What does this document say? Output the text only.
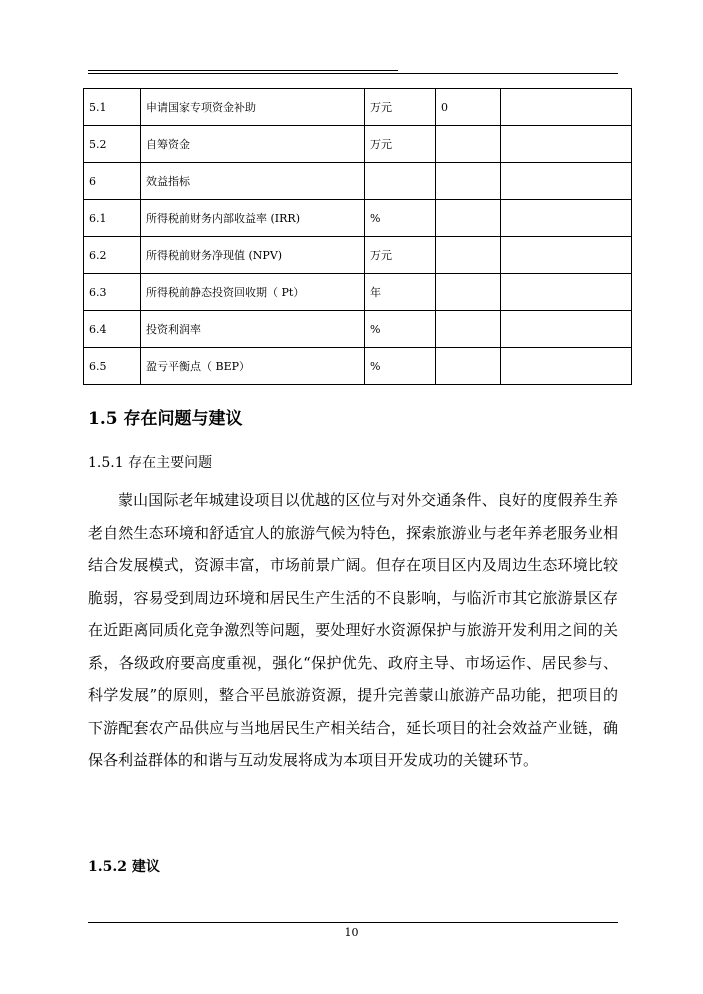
5.1	申请国家专项资金补助	万元	0	
5.2	自筹资金	万元		
6	效益指标			
6.1	所得税前财务内部收益率 (IRR)	%		
6.2	所得税前财务净现值 (NPV)	万元		
6.3	所得税前静态投资回收期（ Pt）	年		
6.4	投资利润率	%		
6.5	盈亏平衡点（ BEP）	%		
1.5 存在问题与建议
1.5.1 存在主要问题

蒙山国际老年城建设项目以优越的区位与对外交通条件、良好的度假养生养老自然生态环境和舒适宜人的旅游气候为特色，探索旅游业与老年养老服务业相结合发展模式，资源丰富，市场前景广阔。但存在项目区内及周边生态环境比较脆弱，容易受到周边环境和居民生产生活的不良影响，与临沂市其它旅游景区存在近距离同质化竞争激烈等问题，要处理好水资源保护与旅游开发利用之间的关系，各级政府要高度重视，强化“保护优先、政府主导、市场运作、居民参与、科学发展”的原则，整合平邑旅游资源，提升完善蒙山旅游产品功能，把项目的下游配套农产品供应与当地居民生产相关结合，延长项目的社会效益产业链，确保各利益群体的和谐与互动发展将成为本项目开发成功的关键环节。

1.5.2 建议
10
